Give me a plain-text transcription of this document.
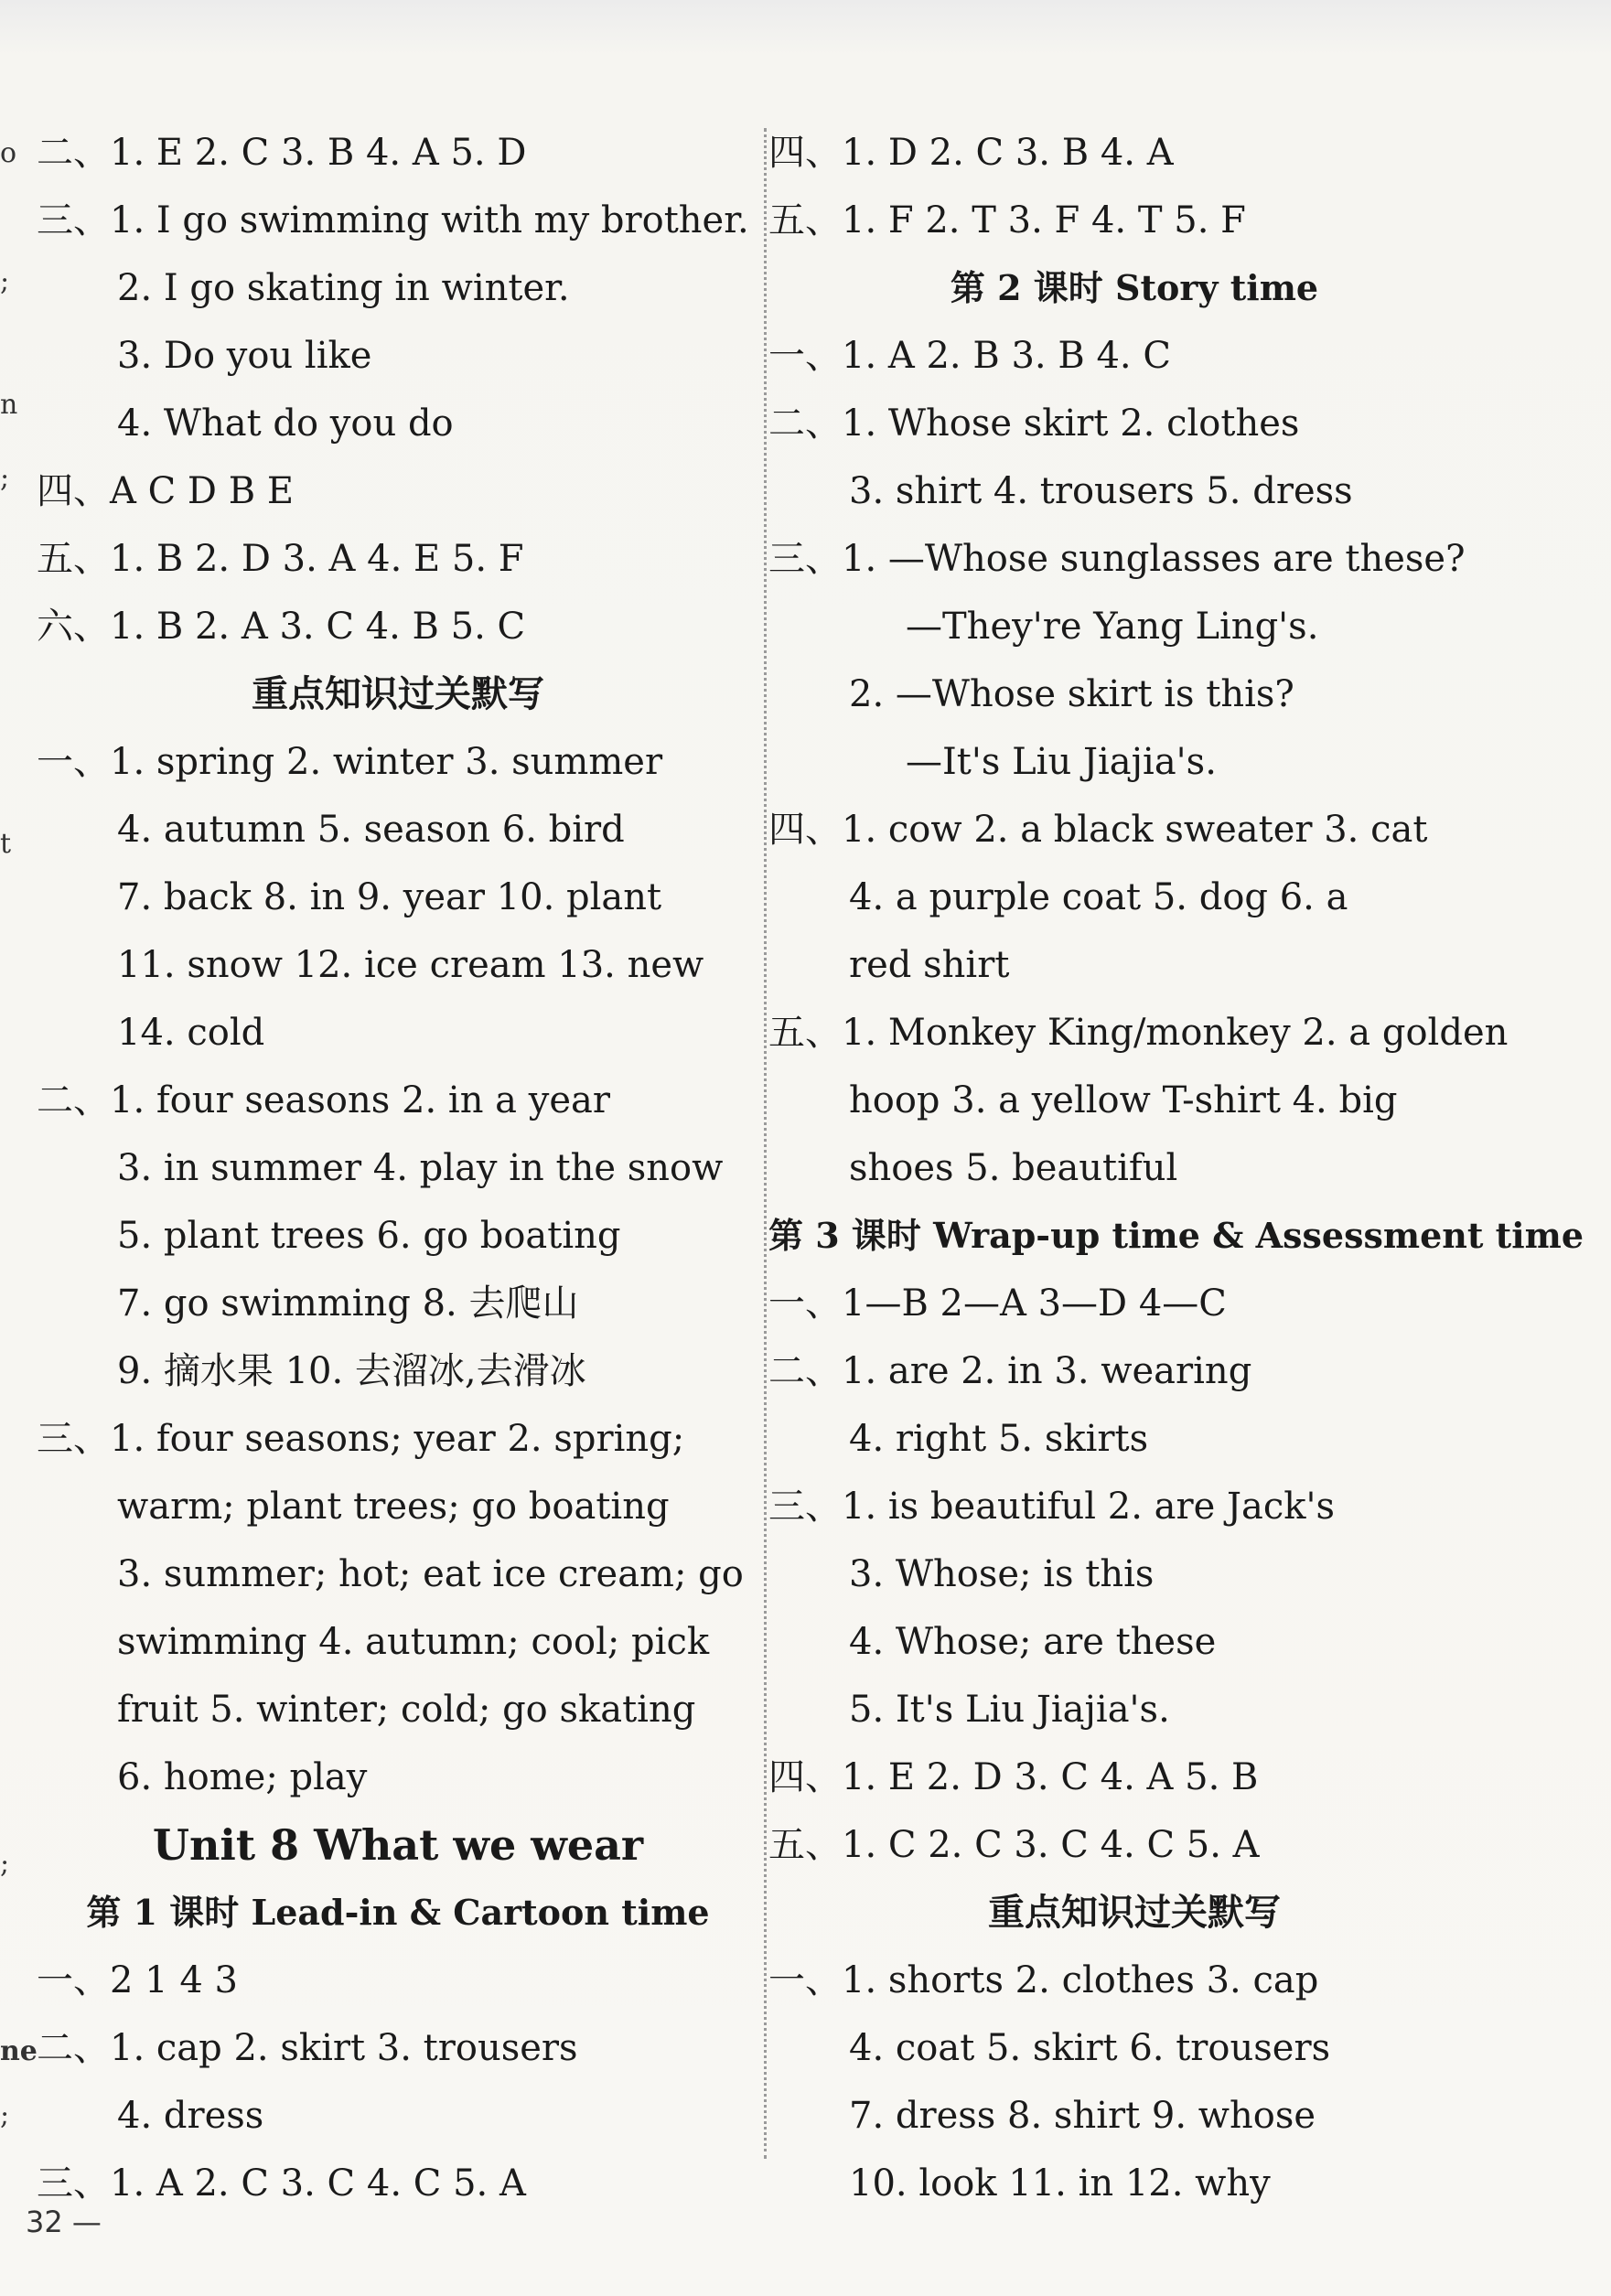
o
;
n
;
t
;
ne
;
二、1. E 2. C 3. B 4. A 5. D
三、1. I go swimming with my brother.
2. I go skating in winter.
3. Do you like
4. What do you do
四、A C D B E
五、1. B 2. D 3. A 4. E 5. F
六、1. B 2. A 3. C 4. B 5. C
重点知识过关默写
一、1. spring 2. winter 3. summer
4. autumn 5. season 6. bird
7. back 8. in 9. year 10. plant
11. snow 12. ice cream 13. new
14. cold
二、1. four seasons 2. in a year
3. in summer 4. play in the snow
5. plant trees 6. go boating
7. go swimming 8. 去爬山
9. 摘水果 10. 去溜冰,去滑冰
三、1. four seasons; year 2. spring;
warm; plant trees; go boating
3. summer; hot; eat ice cream; go
swimming 4. autumn; cool; pick
fruit 5. winter; cold; go skating
6. home; play
Unit 8 What we wear
第 1 课时 Lead-in & Cartoon time
一、2 1 4 3
二、1. cap 2. skirt 3. trousers
4. dress
三、1. A 2. C 3. C 4. C 5. A
四、1. D 2. C 3. B 4. A
五、1. F 2. T 3. F 4. T 5. F
第 2 课时 Story time
一、1. A 2. B 3. B 4. C
二、1. Whose skirt 2. clothes
3. shirt 4. trousers 5. dress
三、1. —Whose sunglasses are these?
—They're Yang Ling's.
2. —Whose skirt is this?
—It's Liu Jiajia's.
四、1. cow 2. a black sweater 3. cat
4. a purple coat 5. dog 6. a
red shirt
五、1. Monkey King/monkey 2. a golden
hoop 3. a yellow T-shirt 4. big
shoes 5. beautiful
第 3 课时 Wrap-up time & Assessment time
一、1—B 2—A 3—D 4—C
二、1. are 2. in 3. wearing
4. right 5. skirts
三、1. is beautiful 2. are Jack's
3. Whose; is this
4. Whose; are these
5. It's Liu Jiajia's.
四、1. E 2. D 3. C 4. A 5. B
五、1. C 2. C 3. C 4. C 5. A
重点知识过关默写
一、1. shorts 2. clothes 3. cap
4. coat 5. skirt 6. trousers
7. dress 8. shirt 9. whose
10. look 11. in 12. why
32 —
